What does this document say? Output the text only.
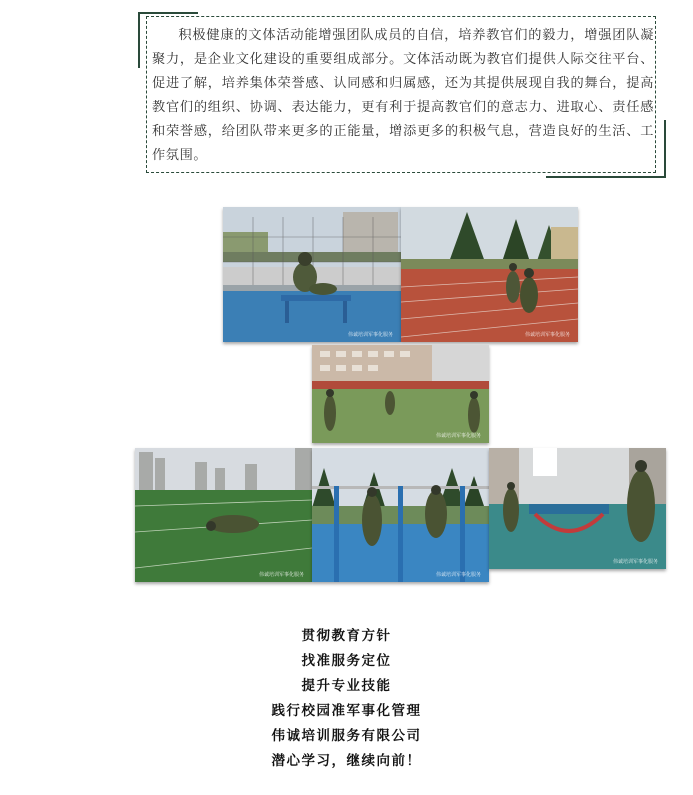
积极健康的文体活动能增强团队成员的自信，培养教官们的毅力，增强团队凝聚力，是企业文化建设的重要组成部分。文体活动既为教官们提供人际交往平台、促进了解，培养集体荣誉感、认同感和归属感，还为其提供展现自我的舞台，提高教官们的组织、协调、表达能力，更有利于提高教官们的意志力、进取心、责任感和荣誉感，给团队带来更多的正能量，增添更多的积极气息，营造良好的生活、工作氛围。

伟诚培训军事化服务	伟诚培训军事化服务
伟诚培训军事化服务
伟诚培训军事化服务	伟诚培训军事化服务
伟诚培训军事化服务
贯彻教育方针
找准服务定位
提升专业技能
践行校园准军事化管理
伟诚培训服务有限公司
潜心学习，继续向前！
